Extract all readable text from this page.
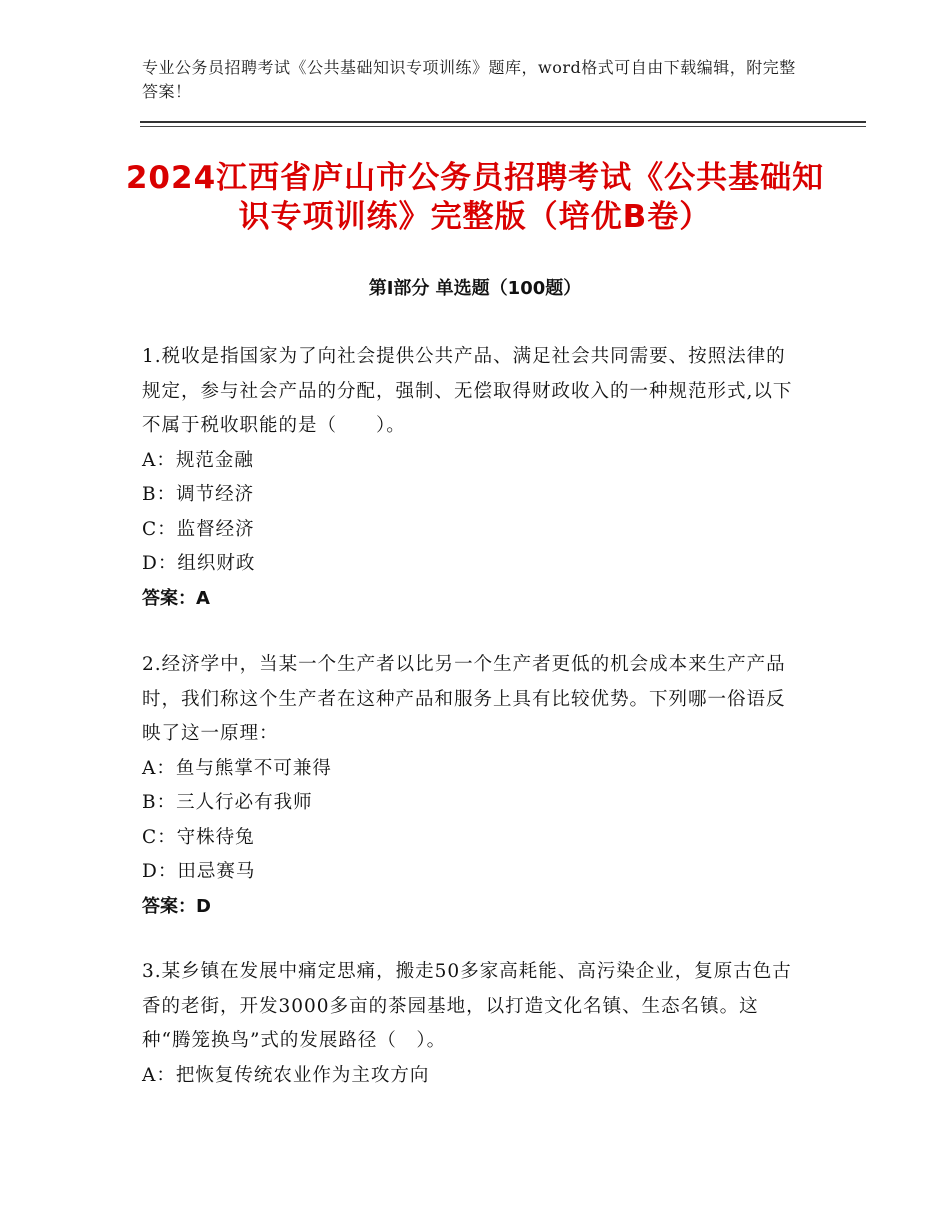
专业公务员招聘考试《公共基础知识专项训练》题库，word格式可自由下载编辑，附完整答案！
2024江西省庐山市公务员招聘考试《公共基础知识专项训练》完整版（培优B卷）
第Ⅰ部分 单选题（100题）

1.税收是指国家为了向社会提供公共产品、满足社会共同需要、按照法律的规定，参与社会产品的分配，强制、无偿取得财政收入的一种规范形式,以下不属于税收职能的是（　　）。

A：规范金融

B：调节经济

C：监督经济

D：组织财政

答案：A

2.经济学中，当某一个生产者以比另一个生产者更低的机会成本来生产产品时，我们称这个生产者在这种产品和服务上具有比较优势。下列哪一俗语反映了这一原理：

A：鱼与熊掌不可兼得

B：三人行必有我师

C：守株待兔

D：田忌赛马

答案：D

3.某乡镇在发展中痛定思痛，搬走50多家高耗能、高污染企业，复原古色古香的老街，开发3000多亩的茶园基地，以打造文化名镇、生态名镇。这种“腾笼换鸟”式的发展路径（　）。

A：把恢复传统农业作为主攻方向
